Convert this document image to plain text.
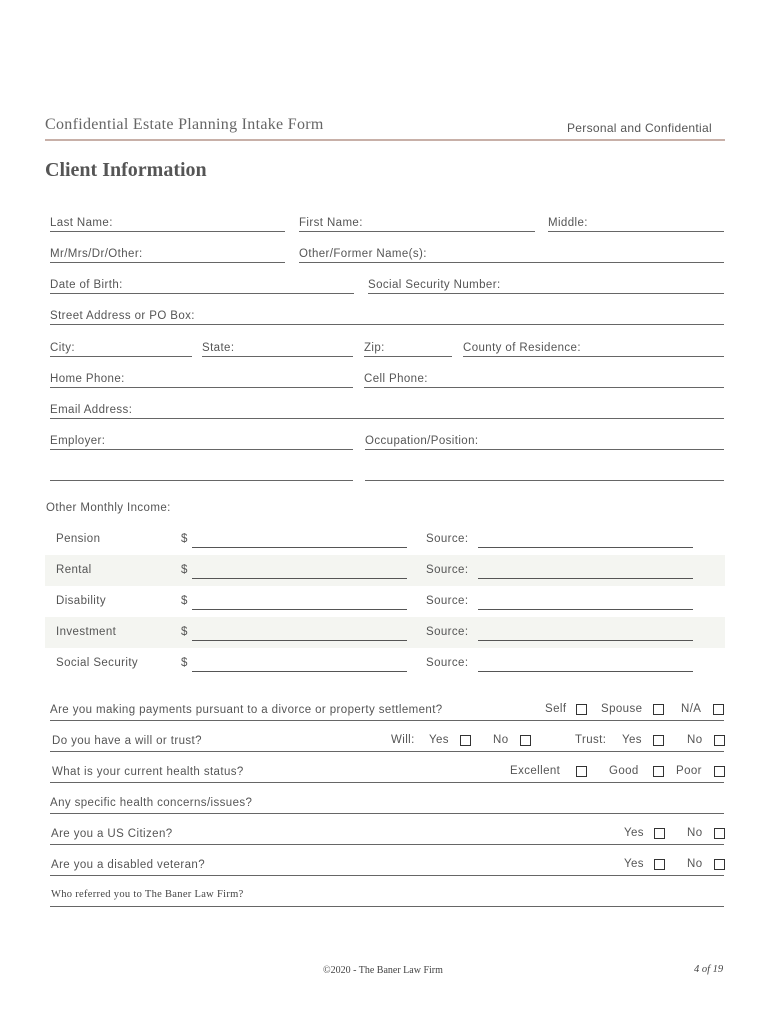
Confidential Estate Planning Intake Form	Personal and Confidential
Client Information
Last Name:	First Name:	Middle:
Mr/Mrs/Dr/Other:	Other/Former Name(s):
Date of Birth:	Social Security Number:
Street Address or PO Box:
City:	State:	Zip:	County of Residence:
Home Phone:	Cell Phone:
Email Address:
Employer:	Occupation/Position:
Other Monthly Income:
Pension	$	Source:
Rental	$	Source:
Disability	$	Source:
Investment	$	Source:
Social Security	$	Source:
Are you making payments pursuant to a divorce or property settlement?	Self	Spouse	N/A
Do you have a will or trust?	Will: Yes	No	Trust: Yes	No
What is your current health status?	Excellent	Good	Poor
Any specific health concerns/issues?
Are you a US Citizen?	Yes	No
Are you a disabled veteran?	Yes	No
Who referred you to The Baner Law Firm?
©2020 - The Baner Law Firm	4 of 19
